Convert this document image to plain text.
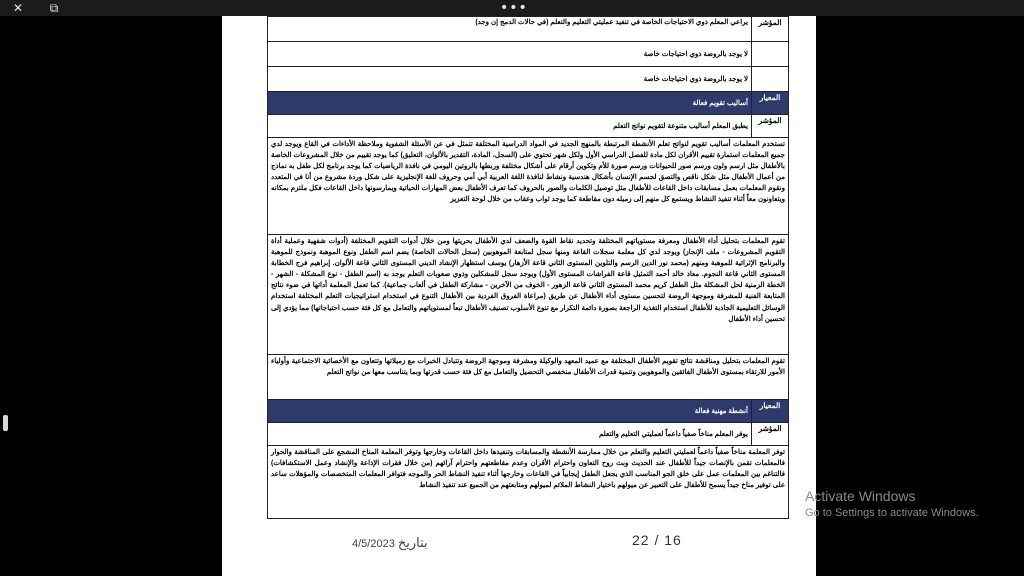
✕	⧉	•••
المؤشر	يراعي المعلم ذوي الاحتياجات الخاصة في تنفيذ عمليتي التعليم والتعلم (في حالات الدمج إن وجد)
	لا يوجد بالروضة ذوي احتياجات خاصة
	لا يوجد بالروضة ذوي احتياجات خاصة
المعيار	أساليب تقويم فعالة
المؤشر	يطبق المعلم أساليب متنوعة لتقويم نواتج التعلم

تستخدم المعلمات أساليب تقويم لنواتج تعلم الأنشطة المرتبطة بالمنهج الجديد في المواد الدراسية المختلفة تتمثل في عن الأسئلة الشفوية وملاحظة الأداءات في القاع ويوجد لدي جميع المعلمات استمارة تقييم الأقران لكل مادة للفصل الدراسي الأول ولكل شهر تحتوي على (السجل، المادة، التقدير بالألوان، التعليق) كما يوجد تقييم من خلال المشروعات الخاصة بالأطفال مثل ارسم ولون ورسم صور للحيوانات ورسم صورة للأم وتكوين أرقام على أشكال مختلفة وربطها بالروتين اليومي في نافذة الرياضيات كما يوجد برنامج لكل طفل به نماذج من أعمال الأطفال مثل شكل ناقص والتصق لجسم الإنسان بأشكال هندسية ونشاط لنافذة اللغة العربية أبي أمي وحروف للغة الإنجليزية على شكل وردة مشروع من أنا في المتعدد ونقوم المعلمات بعمل مسابقات داخل القاعات للأطفال مثل توصيل الكلمات والصور بالحروف كما تعرف الأطفال بعض المهارات الحياتية ويمارسونها داخل القاعات فكل ملتزم بمكانه ويتعاونون معاً أثناء تنفيذ النشاط ويستمع كل منهم إلى زميله دون مقاطعة كما يوجد ثواب وعقاب من خلال لوحة التعزيز	

تقوم المعلمات بتحليل أداء الأطفال ومعرفة مستوياتهم المختلفة وتحديد نقاط القوة والضعف لدي الأطفال بحريتها ومن خلال أدوات التقويم المختلفة (أدوات شفهية وعملية أداة التقويم المشروعات - ملف الإنجاز) ويوجد لدي كل معلمة سجلات القاعة ومنها سجل لمتابعة الموهوبين (سجل الحالات الخاصة) يضم اسم الطفل ونوع الموهبة ونموذج للموهبة والبرنامج الإثرائية للموهبة ومنهم (محمد نور الدين الرسم والتلوين المستوى الثاني قاعة الأزهار) يوسف استظهار الإنشاد الديني المستوى الثاني قاعة الألوان. إبراهيم فرج الخطابة المستوى الثاني قاعة النجوم. معاذ خالد أحمد التمثيل قاعة الفراشات المستوى الأول) ويوجد سجل للمشكلين وذوي صعوبات التعلم يوجد به (اسم الطفل - نوع المشكلة - الشهر - الخطة الزمنية لحل المشكلة مثل الطفل كريم محمد المستوى الثاني قاعة الزهور - الخوف من الآخرين - مشاركة الطفل في ألعاب جماعية). كما تعمل المعلمة أداتها في ضوء نتائج المتابعة الفنية للمشرفة وموجهة الروضة لتحسين مستوى أداء الأطفال عن طريق (مراعاة الفروق الفردية بين الأطفال التنوع في استخدام استراتيجيات التعلم المختلفة استخدام الوسائل التعليمية الجاذبة للأطفال استخدام التغذية الراجعة بصورة دائمة التكرار مع تنوع الأسلوب تصنيف الأطفال تبعاً لمستوياتهم والتعامل مع كل فئة حسب احتياجاتها) مما يؤدي إلى تحسين أداء الأطفال	

تقوم المعلمات بتحليل ومناقشة نتائج تقويم الأطفال المختلفة مع عميد المعهد والوكيلة ومشرفة وموجهة الروضة وتتبادل الخبرات مع زميلاتها وتتعاون مع الأخصائية الاجتماعية وأولياء الأمور للارتقاء بمستوى الأطفال الفائقين والموهوبين وتنمية قدرات الأطفال منخفضي التحصيل والتعامل مع كل فئة حسب قدرتها وبما يتناسب معها من نواتج التعلم	

المعيار	أنشطة مهنية فعالة
المؤشر	يوفر المعلم مناخاً صفياً داعماً لعمليتي التعليم والتعلم

توفر المعلمة مناخاً صفياً داعماً لعمليتي التعليم والتعلم من خلال ممارسة الأنشطة والمسابقات وتنفيذها داخل القاعات وخارجها وتوفر المعلمة المناخ المشجع على المناقشة والحوار فالمعلمات تقمن بالإنصات جيداً للأطفال عند الحديث وبث روح التعاون واحترام الأقران وعدم مقاطعتهم واحترام آرائهم (من خلال فقرات الإذاعة والإنشاد وعمل الاستكشافات) فالتناغم بين المعلمات عمل على خلق الجو المناسب الذي يجعل الطفل إيجابياً في القاعات وخارجها أثناء تنفيذ النشاط الحر والموجه فتوافر المعلمات المتخصصات والمؤهلات ساعد على توفير مناخ جيداً يسمح للأطفال على التعبير عن ميولهم باختيار النشاط الملائم لميولهم ومتابعتهم من الجميع عند تنفيذ النشاط	
4/5/2023 بتاريخ	22 / 16
Activate Windows
Go to Settings to activate Windows.
